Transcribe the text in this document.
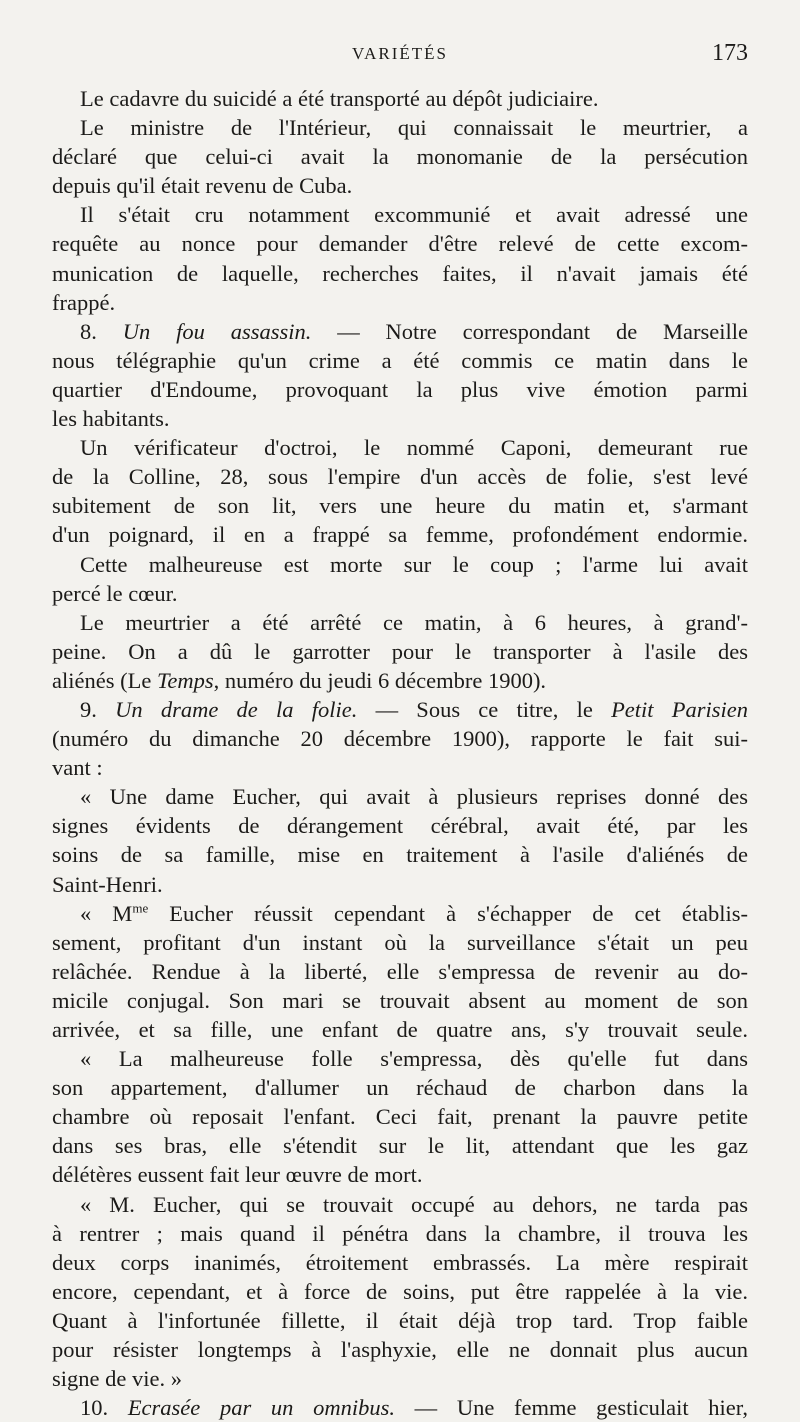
VARIÉTÉS	173
Le cadavre du suicidé a été transporté au dépôt judiciaire.
Le ministre de l'Intérieur, qui connaissait le meurtrier, a
déclaré que celui-ci avait la monomanie de la persécution
depuis qu'il était revenu de Cuba.
Il s'était cru notamment excommunié et avait adressé une
requête au nonce pour demander d'être relevé de cette excom-
munication de laquelle, recherches faites, il n'avait jamais été
frappé.
8. Un fou assassin. — Notre correspondant de Marseille
nous télégraphie qu'un crime a été commis ce matin dans le
quartier d'Endoume, provoquant la plus vive émotion parmi
les habitants.
Un vérificateur d'octroi, le nommé Caponi, demeurant rue
de la Colline, 28, sous l'empire d'un accès de folie, s'est levé
subitement de son lit, vers une heure du matin et, s'armant
d'un poignard, il en a frappé sa femme, profondément endormie.
Cette malheureuse est morte sur le coup ; l'arme lui avait
percé le cœur.
Le meurtrier a été arrêté ce matin, à 6 heures, à grand'-
peine. On a dû le garrotter pour le transporter à l'asile des
aliénés (Le Temps, numéro du jeudi 6 décembre 1900).
9. Un drame de la folie. — Sous ce titre, le Petit Parisien
(numéro du dimanche 20 décembre 1900), rapporte le fait sui-
vant :
« Une dame Eucher, qui avait à plusieurs reprises donné des
signes évidents de dérangement cérébral, avait été, par les
soins de sa famille, mise en traitement à l'asile d'aliénés de
Saint-Henri.
« $M^{me}$ Eucher réussit cependant à s'échapper de cet établis-
sement, profitant d'un instant où la surveillance s'était un peu
relâchée. Rendue à la liberté, elle s'empressa de revenir au do-
micile conjugal. Son mari se trouvait absent au moment de son
arrivée, et sa fille, une enfant de quatre ans, s'y trouvait seule.
« La malheureuse folle s'empressa, dès qu'elle fut dans
son appartement, d'allumer un réchaud de charbon dans la
chambre où reposait l'enfant. Ceci fait, prenant la pauvre petite
dans ses bras, elle s'étendit sur le lit, attendant que les gaz
délétères eussent fait leur œuvre de mort.
« M. Eucher, qui se trouvait occupé au dehors, ne tarda pas
à rentrer ; mais quand il pénétra dans la chambre, il trouva les
deux corps inanimés, étroitement embrassés. La mère respirait
encore, cependant, et à force de soins, put être rappelée à la vie.
Quant à l'infortunée fillette, il était déjà trop tard. Trop faible
pour résister longtemps à l'asphyxie, elle ne donnait plus aucun
signe de vie. »
10. Ecrasée par un omnibus. — Une femme gesticulait hier,
